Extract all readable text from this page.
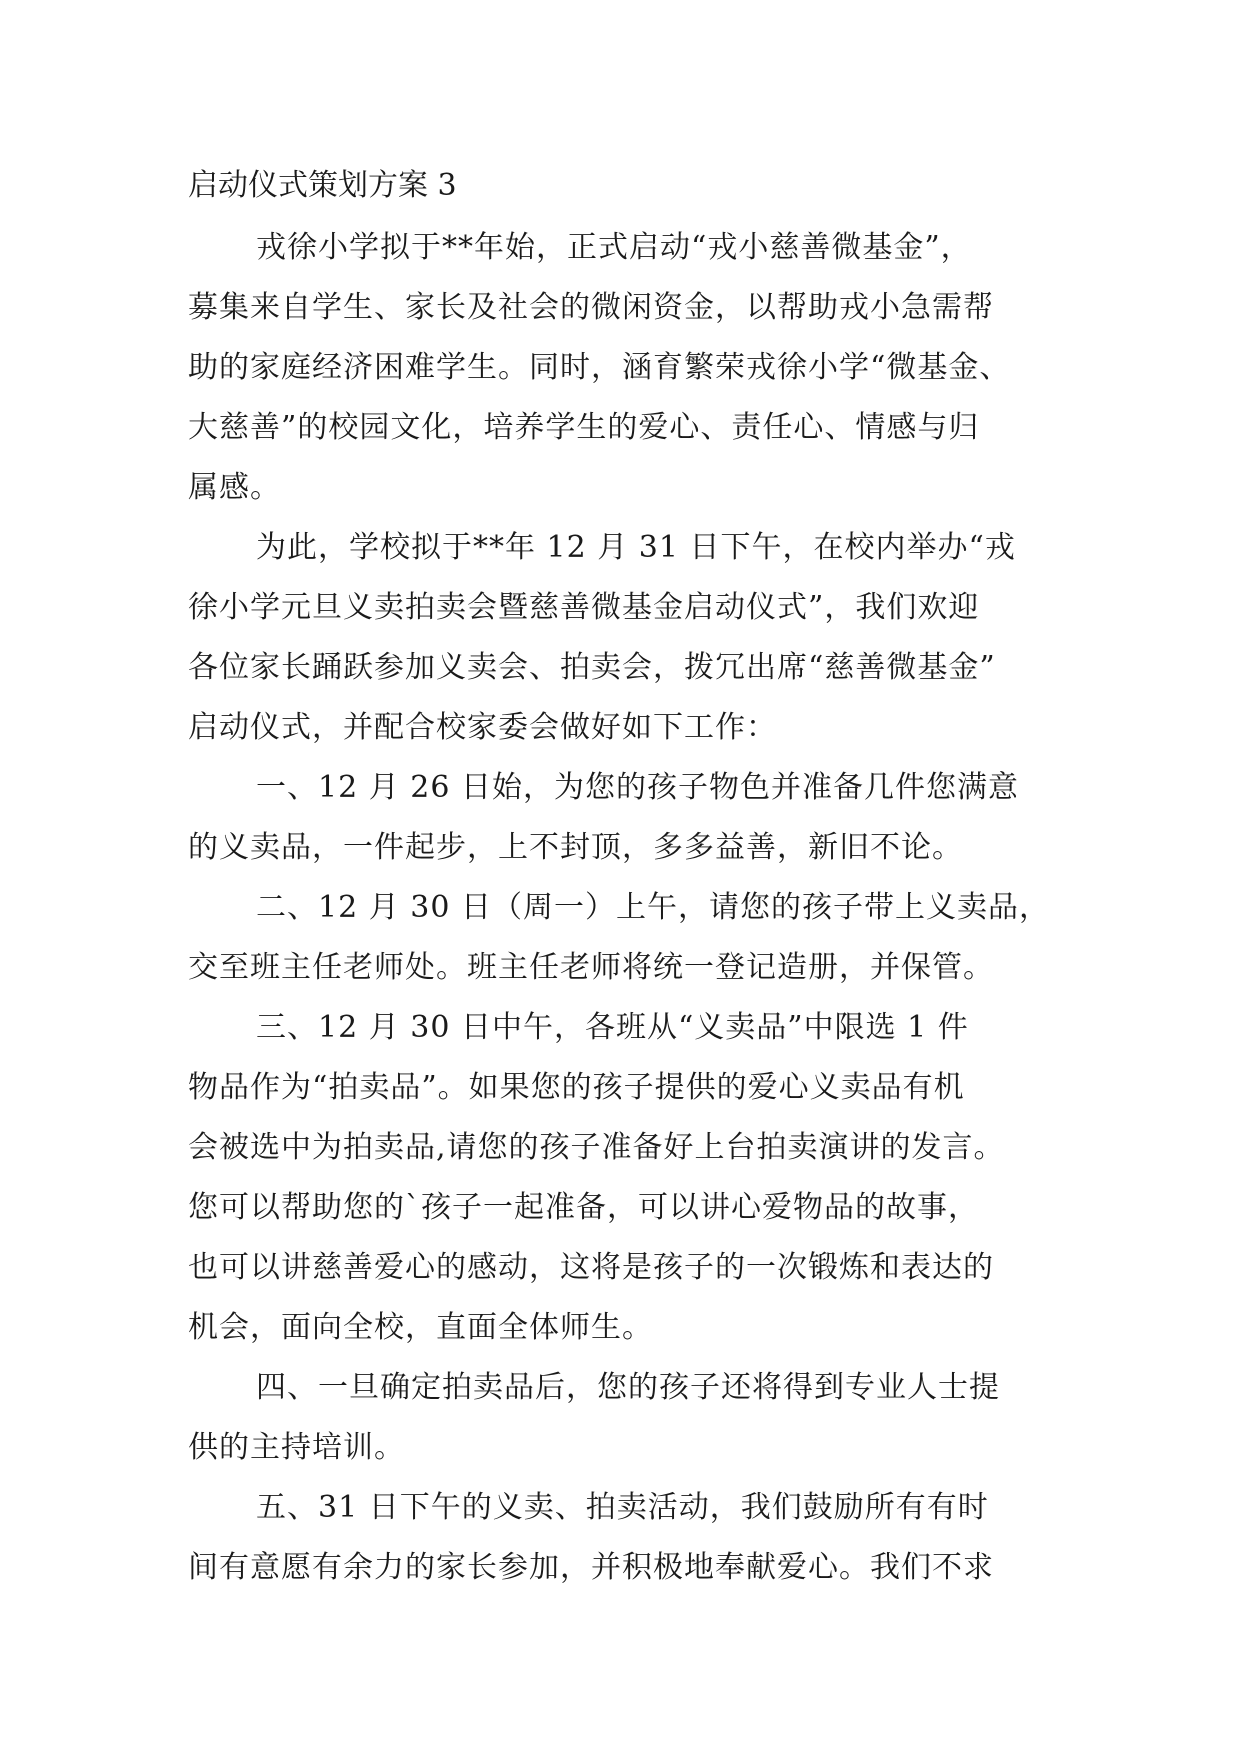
启动仪式策划方案 3
戎徐小学拟于**年始，正式启动“戎小慈善微基金”，
募集来自学生、家长及社会的微闲资金，以帮助戎小急需帮
助的家庭经济困难学生。同时，涵育繁荣戎徐小学“微基金、
大慈善”的校园文化，培养学生的爱心、责任心、情感与归
属感。
为此，学校拟于**年 12 月 31 日下午，在校内举办“戎
徐小学元旦义卖拍卖会暨慈善微基金启动仪式”，我们欢迎
各位家长踊跃参加义卖会、拍卖会，拨冗出席“慈善微基金”
启动仪式，并配合校家委会做好如下工作：
一、12 月 26 日始，为您的孩子物色并准备几件您满意
的义卖品，一件起步，上不封顶，多多益善，新旧不论。
二、12 月 30 日（周一）上午，请您的孩子带上义卖品，
交至班主任老师处。班主任老师将统一登记造册，并保管。
三、12 月 30 日中午，各班从“义卖品”中限选 1 件
物品作为“拍卖品”。如果您的孩子提供的爱心义卖品有机
会被选中为拍卖品,请您的孩子准备好上台拍卖演讲的发言。
您可以帮助您的`孩子一起准备，可以讲心爱物品的故事，
也可以讲慈善爱心的感动，这将是孩子的一次锻炼和表达的
机会，面向全校，直面全体师生。
四、一旦确定拍卖品后，您的孩子还将得到专业人士提
供的主持培训。
五、31 日下午的义卖、拍卖活动，我们鼓励所有有时
间有意愿有余力的家长参加，并积极地奉献爱心。我们不求
